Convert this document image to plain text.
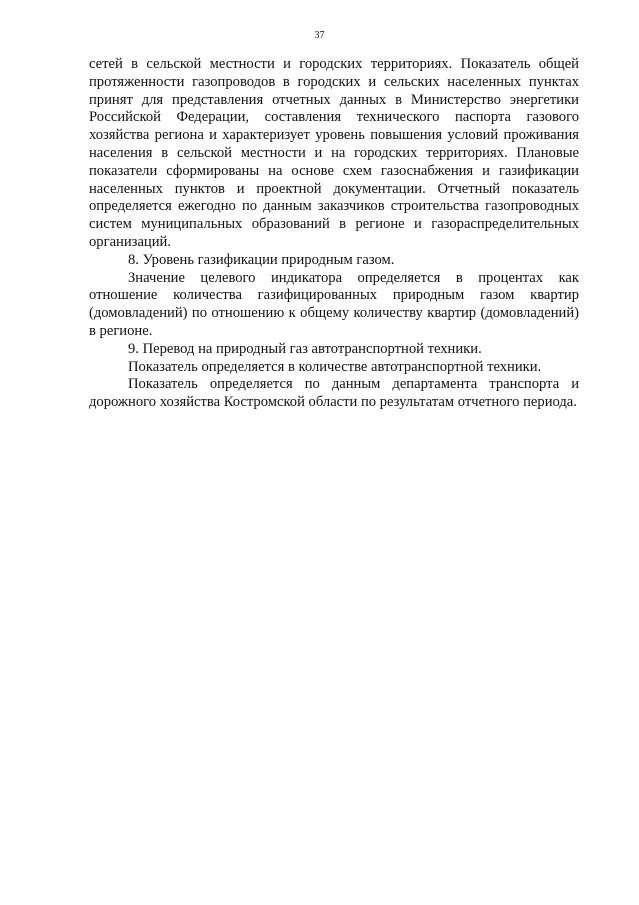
37

сетей в сельской местности и городских территориях. Показатель общей протяженности газопроводов в городских и сельских населенных пунктах принят для представления отчетных данных в Министерство энергетики Российской Федерации, составления технического паспорта газового хозяйства региона и характеризует уровень повышения условий проживания населения в сельской местности и на городских территориях. Плановые показатели сформированы на основе схем газоснабжения и газификации населенных пунктов и проектной документации. Отчетный показатель определяется ежегодно по данным заказчиков строительства газопроводных систем муниципальных образований в регионе и газораспределительных организаций.

8. Уровень газификации природным газом.

Значение целевого индикатора определяется в процентах как отношение количества газифицированных природным газом квартир (домовладений) по отношению к общему количеству квартир (домовладений) в регионе.

9. Перевод на природный газ автотранспортной техники.

Показатель определяется в количестве автотранспортной техники.

Показатель определяется по данным департамента транспорта и дорожного хозяйства Костромской области по результатам отчетного периода.
